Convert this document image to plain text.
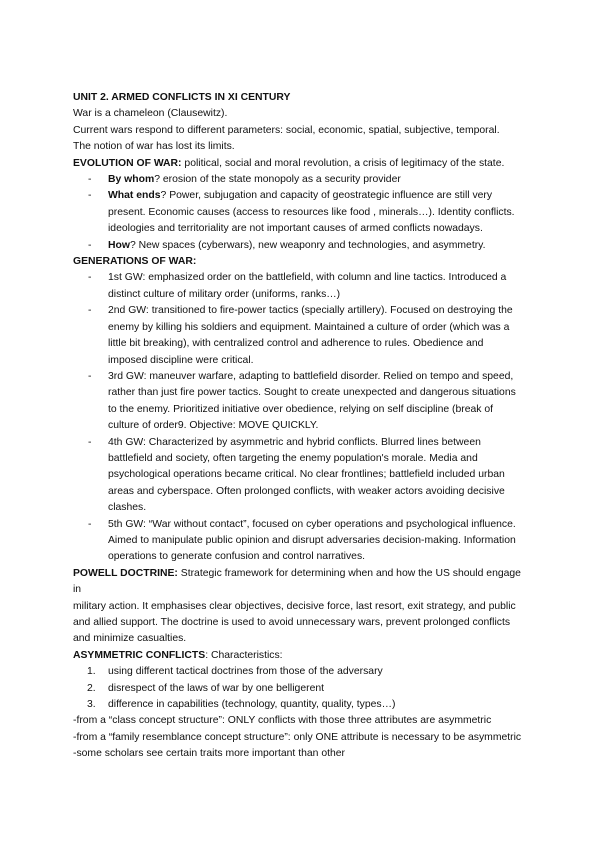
UNIT 2. ARMED CONFLICTS IN XI CENTURY

War is a chameleon (Clausewitz).

Current wars respond to different parameters: social, economic, spatial, subjective, temporal.

The notion of war has lost its limits.

EVOLUTION OF WAR: political, social and moral revolution, a crisis of legitimacy of the state.

- By whom? erosion of the state monopoly as a security provider
- What ends? Power, subjugation and capacity of geostrategic influence are still very
present. Economic causes (access to resources like food , minerals…). Identity conflicts.
ideologies and territoriality are not important causes of armed conflicts nowadays.
- How? New spaces (cyberwars), new weaponry and technologies, and asymmetry.

GENERATIONS OF WAR:

- 1st GW: emphasized order on the battlefield, with column and line tactics. Introduced a
distinct culture of military order (uniforms, ranks…)
- 2nd GW: transitioned to fire-power tactics (specially artillery). Focused on destroying the
enemy by killing his soldiers and equipment. Maintained a culture of order (which was a
little bit breaking), with centralized control and adherence to rules. Obedience and
imposed discipline were critical.
- 3rd GW: maneuver warfare, adapting to battlefield disorder. Relied on tempo and speed,
rather than just fire power tactics. Sought to create unexpected and dangerous situations
to the enemy. Prioritized initiative over obedience, relying on self discipline (break of
culture of order9. Objective: MOVE QUICKLY.
- 4th GW: Characterized by asymmetric and hybrid conflicts. Blurred lines between
battlefield and society, often targeting the enemy population's morale. Media and
psychological operations became critical. No clear frontlines; battlefield included urban
areas and cyberspace. Often prolonged conflicts, with weaker actors avoiding decisive
clashes.
- 5th GW: “War without contact”, focused on cyber operations and psychological influence.
Aimed to manipulate public opinion and disrupt adversaries decision-making. Information
operations to generate confusion and control narratives.

POWELL DOCTRINE: Strategic framework for determining when and how the US should engage in

military action. It emphasises clear objectives, decisive force, last resort, exit strategy, and public

and allied support. The doctrine is used to avoid unnecessary wars, prevent prolonged conflicts

and minimize casualties.

ASYMMETRIC CONFLICTS: Characteristics:

1. using different tactical doctrines from those of the adversary
2. disrespect of the laws of war by one belligerent
3. difference in capabilities (technology, quantity, quality, types…)

-from a “class concept structure”: ONLY conflicts with those three attributes are asymmetric

-from a “family resemblance concept structure”: only ONE attribute is necessary to be asymmetric

-some scholars see certain traits more important than other
